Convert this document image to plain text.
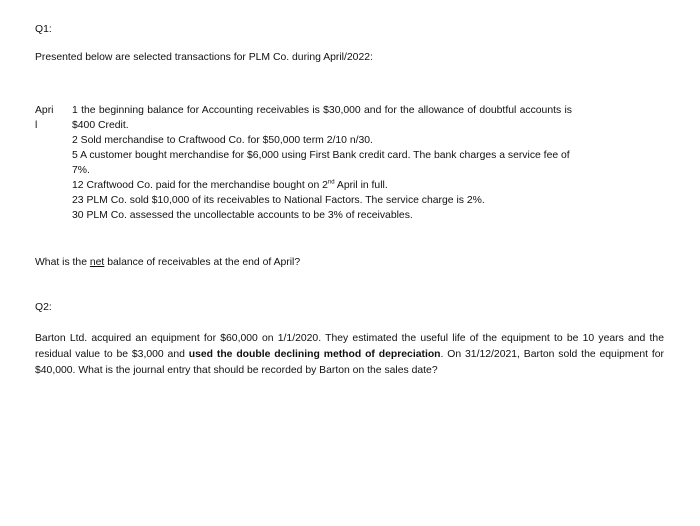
Q1:

Presented below are selected transactions for PLM Co. during April/2022:

Apri
l
1 the beginning balance for Accounting receivables is $30,000 and for the allowance of doubtful accounts is $400 Credit.
2 Sold merchandise to Craftwood Co. for $50,000 term 2/10 n/30.
5 A customer bought merchandise for $6,000 using First Bank credit card. The bank charges a service fee of 7%.
12 Craftwood Co. paid for the merchandise bought on 2nd April in full.
23 PLM Co. sold $10,000 of its receivables to National Factors. The service charge is 2%.
30 PLM Co. assessed the uncollectable accounts to be 3% of receivables.

What is the net balance of receivables at the end of April?

Q2:

Barton Ltd. acquired an equipment for $60,000 on 1/1/2020. They estimated the useful life of the equipment to be 10 years and the residual value to be $3,000 and used the double declining method of depreciation. On 31/12/2021, Barton sold the equipment for $40,000. What is the journal entry that should be recorded by Barton on the sales date?
